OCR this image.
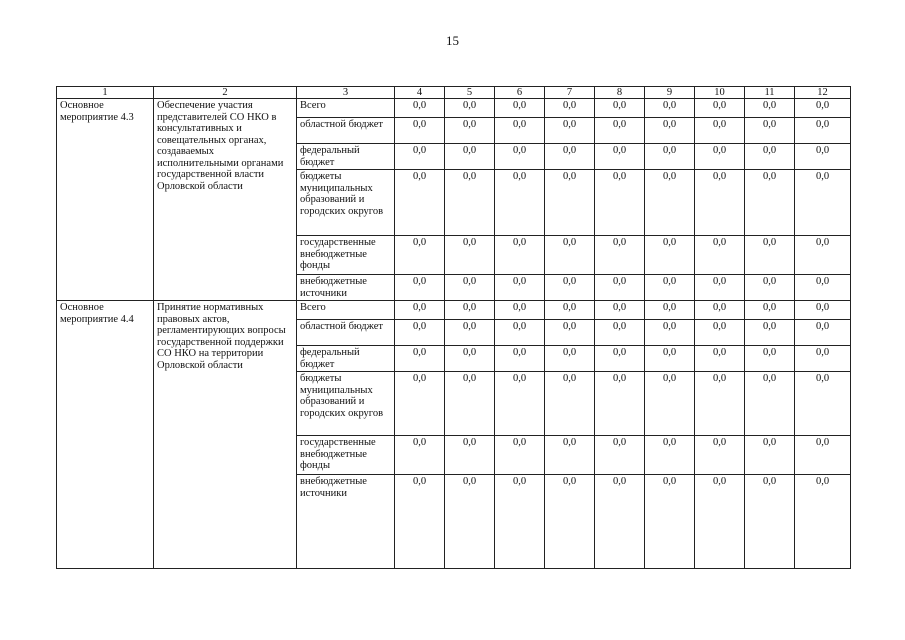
15
1	2	3	4	5	6	7	8	9	10	11	12
Основное мероприятие 4.3	Обеспечение участия представителей СО НКО в консультативных и совещательных органах, создаваемых исполнительными органами государственной власти Орловской области	Всего	0,0	0,0	0,0	0,0	0,0	0,0	0,0	0,0	0,0
		областной бюджет	0,0	0,0	0,0	0,0	0,0	0,0	0,0	0,0	0,0
		федеральный бюджет	0,0	0,0	0,0	0,0	0,0	0,0	0,0	0,0	0,0
		бюджеты муниципальных образований и городских округов	0,0	0,0	0,0	0,0	0,0	0,0	0,0	0,0	0,0
		государственные внебюджетные фонды	0,0	0,0	0,0	0,0	0,0	0,0	0,0	0,0	0,0
		внебюджетные источники	0,0	0,0	0,0	0,0	0,0	0,0	0,0	0,0	0,0
Основное мероприятие 4.4	Принятие нормативных правовых актов, регламентирующих вопросы государственной поддержки СО НКО на территории Орловской области	Всего	0,0	0,0	0,0	0,0	0,0	0,0	0,0	0,0	0,0
		областной бюджет	0,0	0,0	0,0	0,0	0,0	0,0	0,0	0,0	0,0
		федеральный бюджет	0,0	0,0	0,0	0,0	0,0	0,0	0,0	0,0	0,0
		бюджеты муниципальных образований и городских округов	0,0	0,0	0,0	0,0	0,0	0,0	0,0	0,0	0,0
		государственные внебюджетные фонды	0,0	0,0	0,0	0,0	0,0	0,0	0,0	0,0	0,0
		внебюджетные источники	0,0	0,0	0,0	0,0	0,0	0,0	0,0	0,0	0,0
